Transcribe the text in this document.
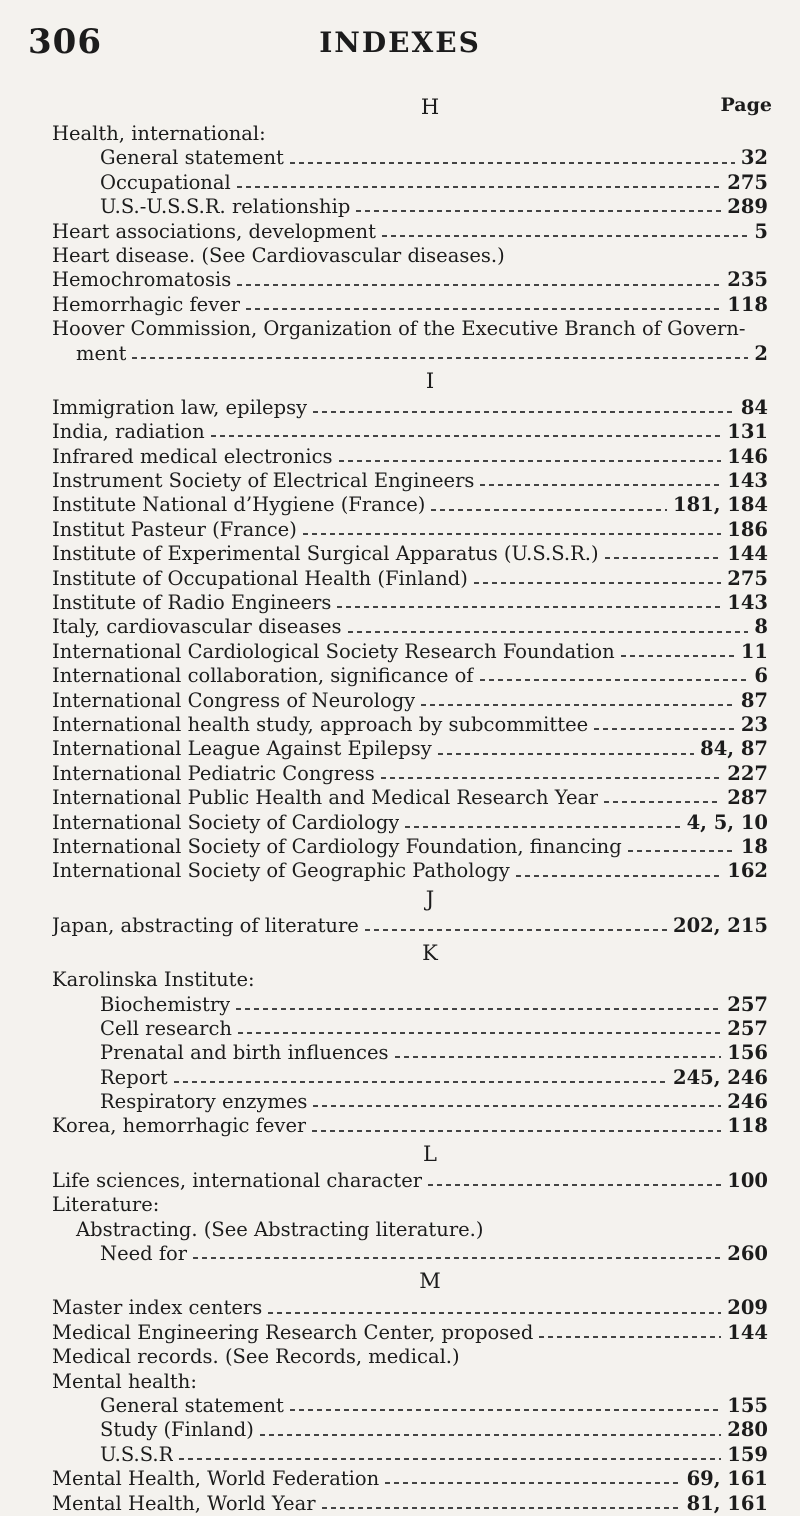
306	INDEXES
Page
H
Health, international:
General statement	32
Occupational	275
U.S.-U.S.S.R. relationship	289
Heart associations, development	5
Heart disease. (See Cardiovascular diseases.)
Hemochromatosis	235
Hemorrhagic fever	118
Hoover Commission, Organization of the Executive Branch of Govern-
ment	2
I
Immigration law, epilepsy	84
India, radiation	131
Infrared medical electronics	146
Instrument Society of Electrical Engineers	143
Institute National d’Hygiene (France)	181, 184
Institut Pasteur (France)	186
Institute of Experimental Surgical Apparatus (U.S.S.R.)	144
Institute of Occupational Health (Finland)	275
Institute of Radio Engineers	143
Italy, cardiovascular diseases	8
International Cardiological Society Research Foundation	11
International collaboration, significance of	6
International Congress of Neurology	87
International health study, approach by subcommittee	23
International League Against Epilepsy	84, 87
International Pediatric Congress	227
International Public Health and Medical Research Year	287
International Society of Cardiology	4, 5, 10
International Society of Cardiology Foundation, financing	18
International Society of Geographic Pathology	162
J
Japan, abstracting of literature	202, 215
K
Karolinska Institute:
Biochemistry	257
Cell research	257
Prenatal and birth influences	156
Report	245, 246
Respiratory enzymes	246
Korea, hemorrhagic fever	118
L
Life sciences, international character	100
Literature:
Abstracting. (See Abstracting literature.)
Need for	260
M
Master index centers	209
Medical Engineering Research Center, proposed	144
Medical records. (See Records, medical.)
Mental health:
General statement	155
Study (Finland)	280
U.S.S.R	159
Mental Health, World Federation	69, 161
Mental Health, World Year	81, 161
